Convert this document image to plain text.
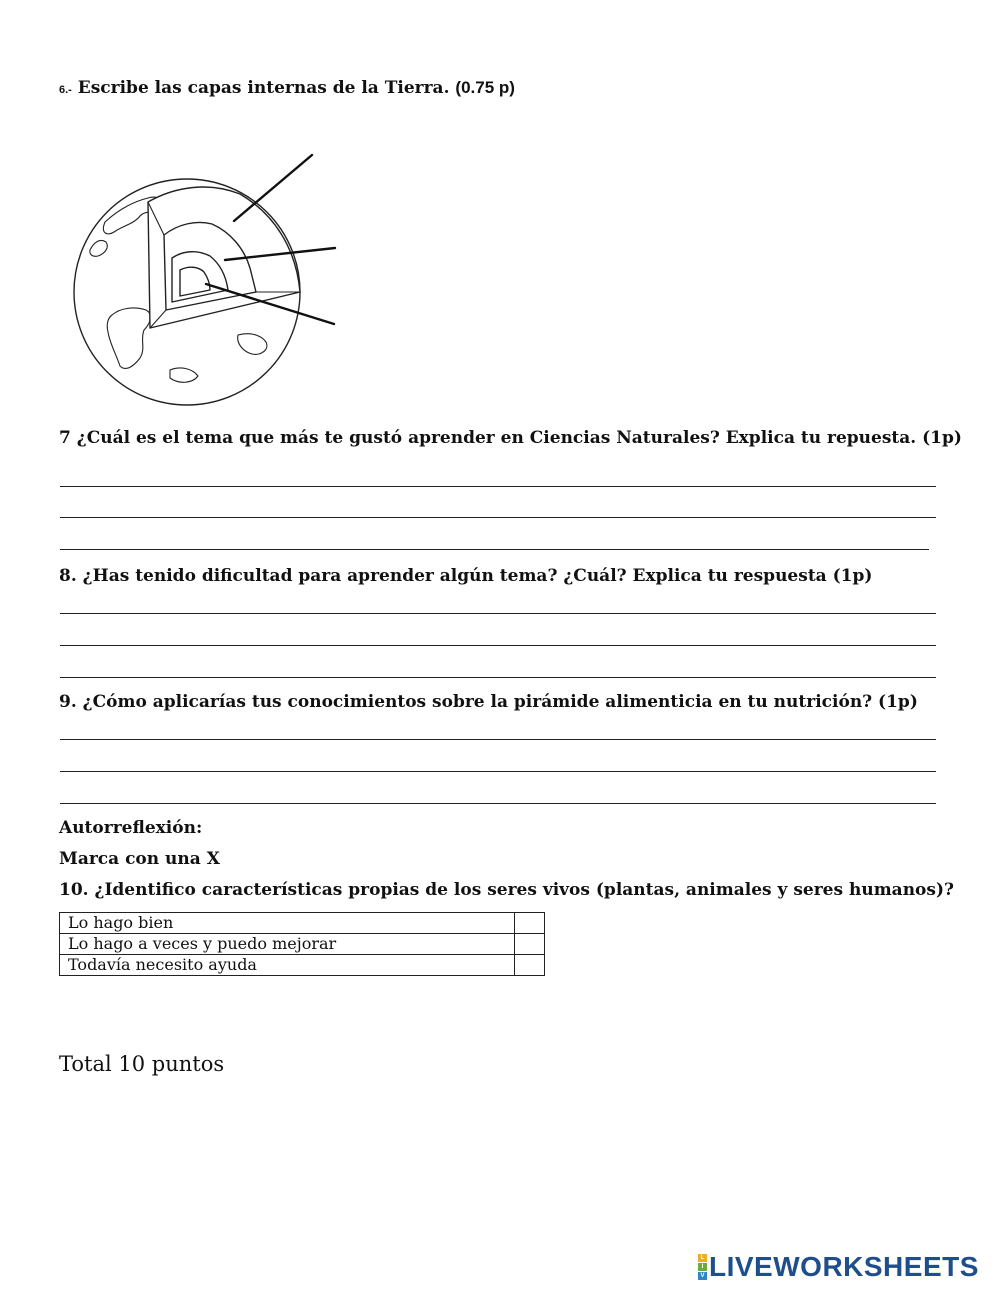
6.- Escribe las capas internas de la Tierra. (0.75 p)
7 ¿Cuál es el tema que más te gustó aprender en Ciencias Naturales? Explica tu repuesta. (1p)
8. ¿Has tenido dificultad para aprender algún tema? ¿Cuál? Explica tu respuesta (1p)
9. ¿Cómo aplicarías tus conocimientos sobre la pirámide alimenticia en tu nutrición? (1p)
Autorreflexión:
Marca con una X
10. ¿Identifico características propias de los seres vivos (plantas, animales y seres humanos)?
Lo hago bien	
Lo hago a veces y puedo mejorar	
Todavía necesito ayuda	
Total 10 puntos
L
I
V LIVEWORKSHEETS
